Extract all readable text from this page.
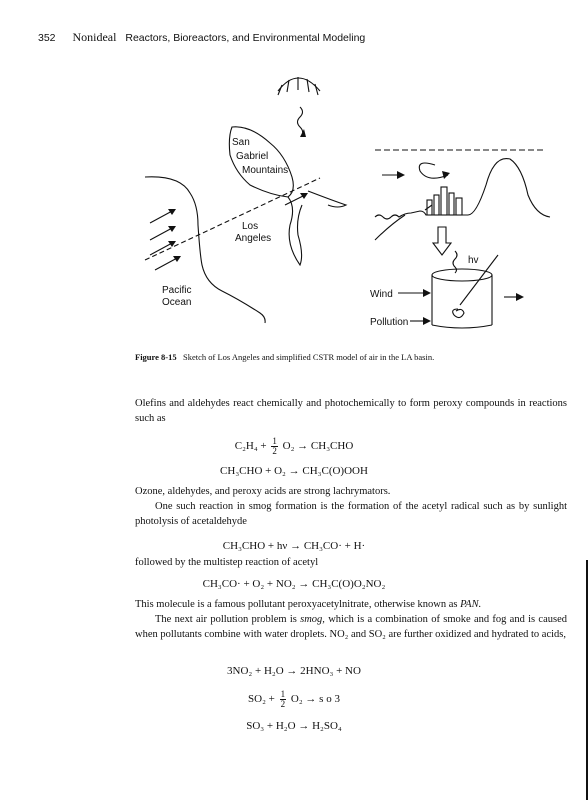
352 Nonideal Reactors, Bioreactors, and Environmental Modeling
San
Gabriel
Mountains
Los
Angeles
Pacific
Ocean
hv
Wind
Pollution
Figure 8-15 Sketch of Los Angeles and simplified CSTR model of air in the LA basin.

Olefins and aldehydes react chemically and photochemically to form peroxy compounds in reactions such as

$C_2H_4 + \frac{1}{2} O_2 \to CH_3CHO$
CH₃CHO + O₂ → CH₃C(O)OOH

Ozone, aldehydes, and peroxy acids are strong lachrymators.

One such reaction in smog formation is the formation of the acetyl radical such as by sunlight photolysis of acetaldehyde

CH₃CHO + hν → CH₃CO· + H·

followed by the multistep reaction of acetyl

CH₃CO· + O₂ + NO₂ → CH₃C(O)O₂NO₂

This molecule is a famous pollutant peroxyacetylnitrate, otherwise known as PAN.

The next air pollution problem is smog, which is a combination of smoke and fog and is caused when pollutants combine with water droplets. NO₂ and SO₂ are further oxidized and hydrated to acids,

3NO₂ + H₂O → 2HNO₃ + NO
$SO_2 + \frac{1}{2} O_2 \to s$ o 3
SO₃ + H₂O → H₂SO₄
